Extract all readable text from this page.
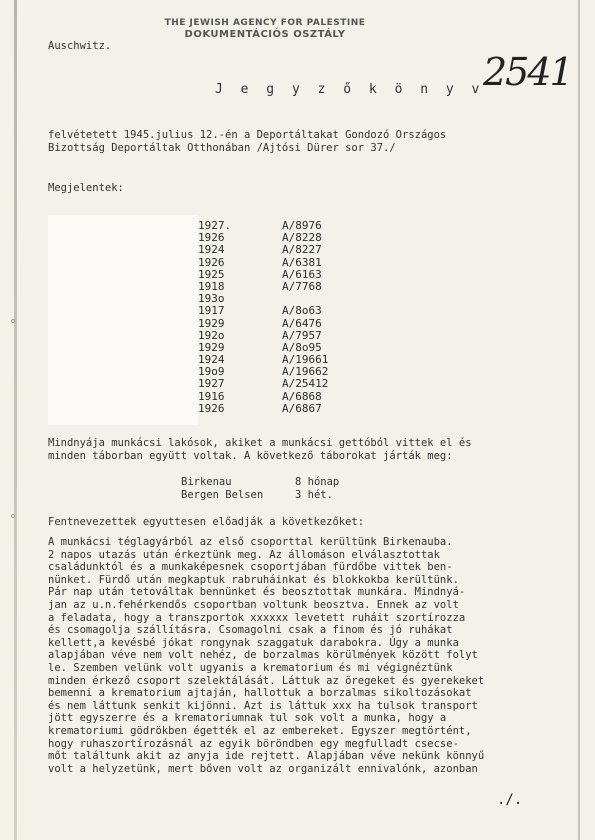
⚬
⚬
THE JEWISH AGENCY FOR PALESTINE
DOKUMENTÁCIÓS OSZTÁLY
Auschwitz.
2541
J e g y z ő k ö n y v
felvétetett 1945.julius 12.-én a Deportáltakat Gondozó Országos
Bizottság Deportáltak Otthonában /Ajtósi Dürer sor 37./
Megjelentek:
1927.	A/8976
1926	A/8228
1924	A/8227
1926	A/6381
1925	A/6163
1918	A/7768
193o
1917	A/8o63
1929	A/6476
192o	A/7957
1929	A/8o95
1924	A/19661
19o9	A/19662
1927	A/25412
1916	A/6868
1926	A/6867
Mindnyája munkácsi lakósok, akiket a munkácsi gettóból vittek el és
minden táborban együtt voltak. A következő táborokat járták meg:
Birkenau	8 hónap
Bergen Belsen	3 hét.
Fentnevezettek egyuttesen előadják a következőket:
A munkácsi téglagyárból az első csoporttal kerültünk Birkenauba.
2 napos utazás után érkeztünk meg. Az állomáson elválasztottak
családunktól és a munkaképesnek csoportjában fürdőbe vittek ben-
nünket. Fürdő után megkaptuk rabruháinkat és blokkokba kerültünk.
Pár nap után tetováltak bennünket és beosztottak munkára. Mindnyá-
jan az u.n.fehérkendős csoportban voltunk beosztva. Ennek az volt
a feladata, hogy a transzportok xxxxxx levetett ruháit szortírozza
és csomagolja szállításra. Csomagolni csak a finom és jó ruhákat
kellett,a kevésbé jókat rongynak szaggatuk darabokra. Úgy a munka
alapjában véve nem volt nehéz, de borzalmas körülmények között folyt
le. Szemben velünk volt ugyanis a krematorium és mi végignéztünk
minden érkező csoport szelektálását. Láttuk az öregeket és gyerekeket
bemenni a krematorium ajtaján, hallottuk a borzalmas sikoltozásokat
és nem láttunk senkit kijönni. Azt is láttuk xxx ha tulsok transport
jött egyszerre és a krematoriumnak tul sok volt a munka, hogy a
krematoriumi gödrökben égették el az embereket. Egyszer megtörtént,
hogy ruhaszortírozásnál az egyik böröndben egy megfulladt csecse-
mőt találtunk akit az anyja ide rejtett. Alapjában véve nekünk könnyű
volt a helyzetünk, mert bőven volt az organizált ennivalónk, azonban
./.
